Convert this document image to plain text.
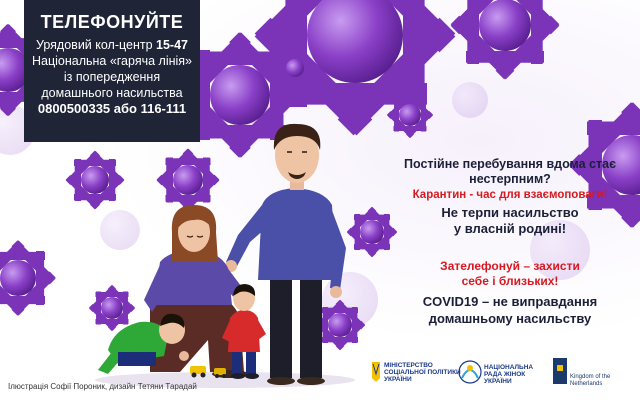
ТЕЛЕФОНУЙТЕ
Урядовий кол-центр 15-47
Національна «гаряча лінія»
із попередження
домашнього насильства
0800500335 або 116-111
Постійне перебування вдома стає
нестерпним?
Карантин - час для взаємоповаги!
Не терпи насильство
у власній родині!
Зателефонуй – захисти
себе і близьких!
COVID19 – не виправдання
домашньому насильству
Ілюстрація Софії Пороник, дизайн Тетяни Тарадай
МІНІСТЕРСТВО
СОЦІАЛЬНОЇ ПОЛІТИКИ
УКРАЇНИ
НАЦІОНАЛЬНА
РАДА ЖІНОК
УКРАЇНИ
Kingdom of the Netherlands
